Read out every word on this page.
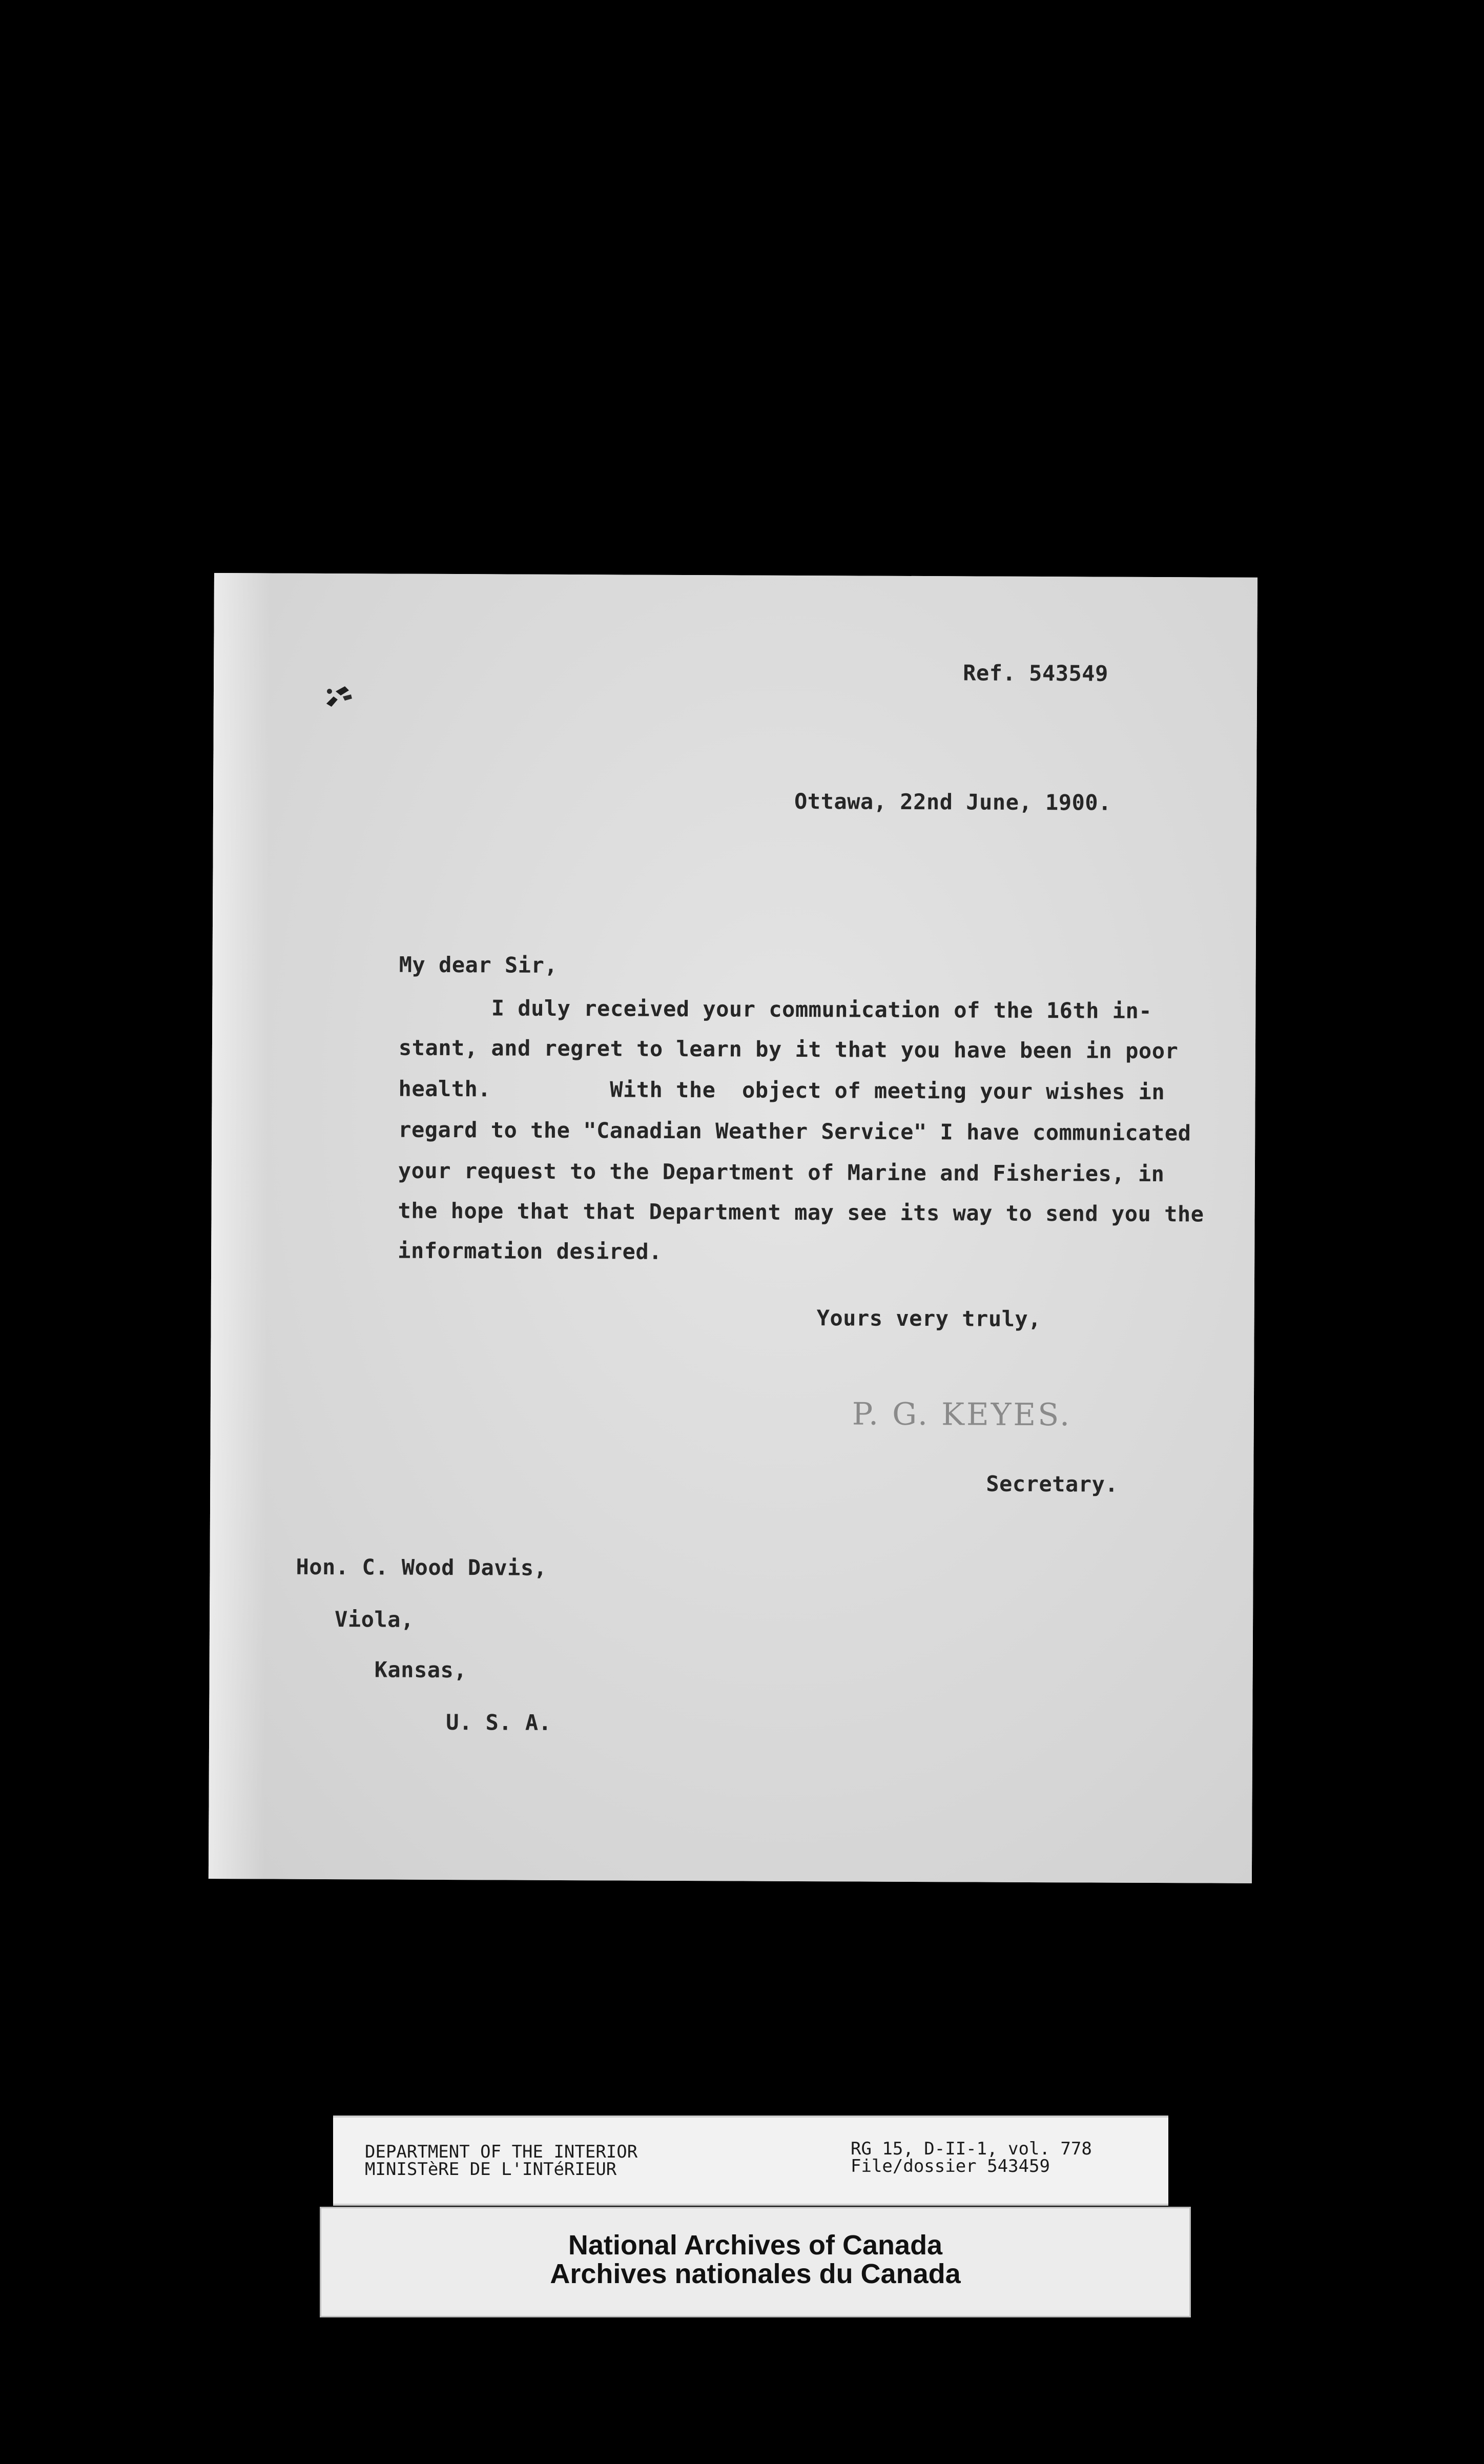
Ref. 543549
Ottawa, 22nd June, 1900.
My dear Sir,
I duly received your communication of the 16th in-
stant, and regret to learn by it that you have been in poor
health.         With the  object of meeting your wishes in
regard to the "Canadian Weather Service" I have communicated
your request to the Department of Marine and Fisheries, in
the hope that that Department may see its way to send you the
information desired.
Yours very truly,
P. G. KEYES.
Secretary.
Hon. C. Wood Davis,
Viola,
Kansas,
U. S. A.
DEPARTMENT OF THE INTERIOR
MINISTèRE DE L'INTéRIEUR
RG 15, D-II-1, vol. 778
File/dossier 543459
National Archives of Canada
Archives nationales du Canada
